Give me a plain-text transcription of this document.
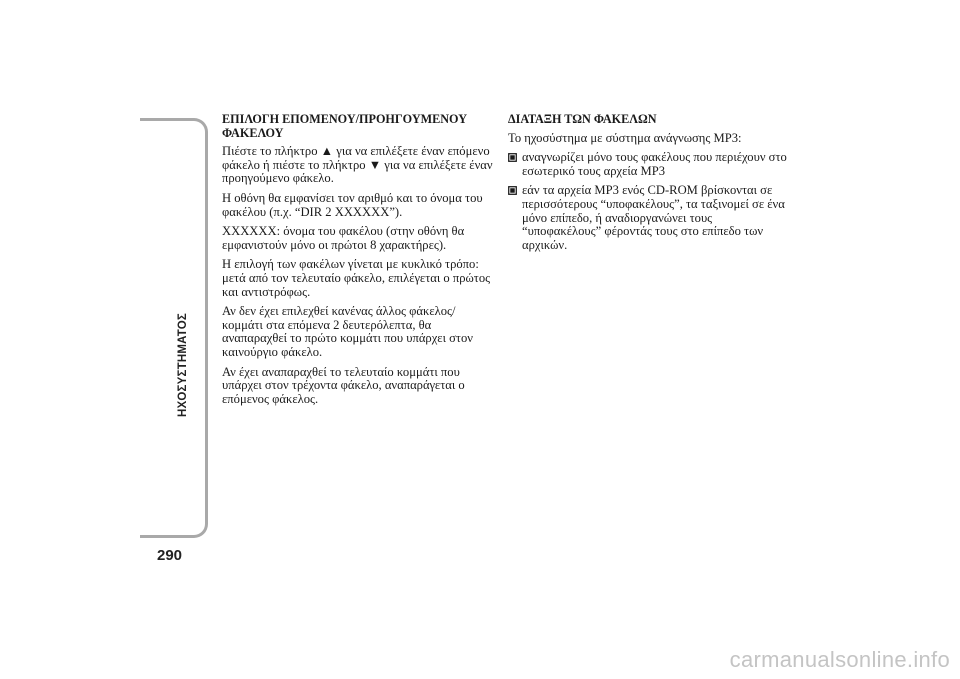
ΗΧΟΣΥΣΤΗΜΑΤΟΣ
290

ΕΠΙΛΟΓΗ ΕΠΟΜΕΝΟΥ/ΠΡΟΗΓΟΥΜΕΝΟΥ ΦΑΚΕΛΟΥ

Πιέστε το πλήκτρο ▲ για να επιλέξετε έναν επόμενο φάκελο ή πιέστε το πλήκτρο ▼ για να επιλέξετε έναν προηγούμενο φάκελο.

Η οθόνη θα εμφανίσει τον αριθμό και το όνομα του φακέλου (π.χ. “DIR 2 XXXXXX”).

XXXXXX: όνομα του φακέλου (στην οθόνη θα εμφανιστούν μόνο οι πρώτοι 8 χαρακτήρες).

Η επιλογή των φακέλων γίνεται με κυκλικό τρόπο: μετά από τον τελευταίο φάκελο, επιλέγεται ο πρώτος και αντιστρόφως.

Αν δεν έχει επιλεχθεί κανένας άλλος φάκελος/κομμάτι στα επόμενα 2 δευτερόλεπτα, θα αναπαραχθεί το πρώτο κομμάτι που υπάρχει στον καινούργιο φάκελο.

Αν έχει αναπαραχθεί το τελευταίο κομμάτι που υπάρχει στον τρέχοντα φάκελο, αναπαράγεται ο επόμενος φάκελος.

ΔΙΑΤΑΞΗ ΤΩΝ ΦΑΚΕΛΩΝ

Το ηχοσύστημα με σύστημα ανάγνωσης MP3:

αναγνωρίζει μόνο τους φακέλους που περιέχουν στο εσωτερικό τους αρχεία MP3
εάν τα αρχεία MP3 ενός CD-ROM βρίσκονται σε περισσότερους “υποφακέλους”, τα ταξινομεί σε ένα μόνο επίπεδο, ή αναδιοργανώνει τους “υποφακέλους” φέροντάς τους στο επίπεδο των αρχικών.
carmanualsonline.info
